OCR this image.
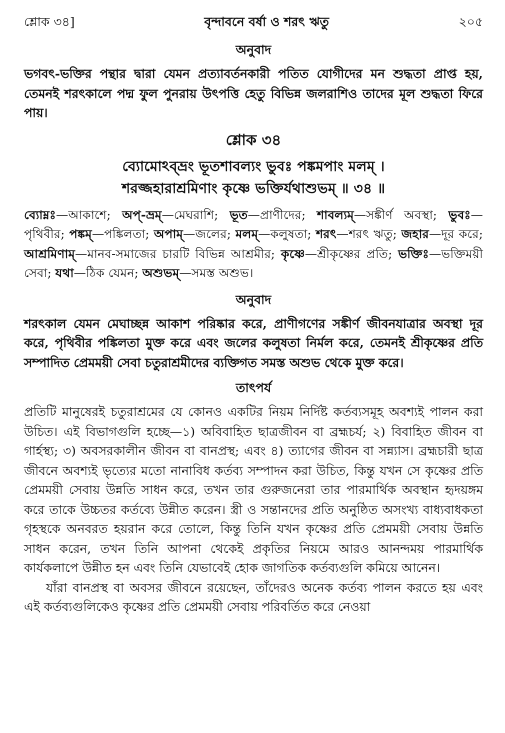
শ্লোক ৩৪]	বৃন্দাবনে বর্ষা ও শরৎ ঋতু	২০৫
অনুবাদ

ভগবৎ-ভক্তির পন্থার দ্বারা যেমন প্রত্যাবর্তনকারী পতিত যোগীদের মন শুদ্ধতা প্রাপ্ত হয়, তেমনই শরৎকালে পদ্ম ফুল পুনরায় উৎপত্তি হেতু বিভিন্ন জলরাশিও তাদের মূল শুদ্ধতা ফিরে পায়।

শ্লোক ৩৪

ব্যোমোঽব্ভ্রং ভূতশাবল্যং ভুবঃ পঙ্কমপাং মলম্ ।

শরজ্জহারাশ্রমিণাং কৃষ্ণে ভক্তির্যথাশুভম্ ॥ ৩৪ ॥

ব্যোম্নঃ—আকাশে; অপ্-ভ্রম্—মেঘরাশি; ভূত—প্রাণীদের; শাবল্যম্—সঙ্কীর্ণ অবস্থা; ভুবঃ—পৃথিবীর; পঙ্কম্—পঙ্কিলতা; অপাম্—জলের; মলম্—কলুষতা; শরৎ—শরৎ ঋতু; জহার—দূর করে; আশ্রমিণাম্—মানব-সমাজের চারটি বিভিন্ন আশ্রমীর; কৃষ্ণে—শ্রীকৃষ্ণের প্রতি; ভক্তিঃ—ভক্তিময়ী সেবা; যথা—ঠিক যেমন; অশুভম্—সমস্ত অশুভ।

অনুবাদ

শরৎকাল যেমন মেঘাচ্ছন্ন আকাশ পরিষ্কার করে, প্রাণীগণের সঙ্কীর্ণ জীবনযাত্রার অবস্থা দূর করে, পৃথিবীর পঙ্কিলতা মুক্ত করে এবং জলের কলুষতা নির্মল করে, তেমনই শ্রীকৃষ্ণের প্রতি সম্পাদিত প্রেমময়ী সেবা চতুরাশ্রমীদের ব্যক্তিগত সমস্ত অশুভ থেকে মুক্ত করে।

তাৎপর্য

প্রতিটি মানুষেরই চতুরাশ্রমের যে কোনও একটির নিয়ম নির্দিষ্ট কর্তব্যসমূহ অবশ্যই পালন করা উচিত। এই বিভাগগুলি হচ্ছে—১) অবিবাহিত ছাত্রজীবন বা ব্রহ্মচর্য; ২) বিবাহিত জীবন বা গার্হস্থ্য; ৩) অবসরকালীন জীবন বা বানপ্রস্থ; এবং ৪) ত্যাগের জীবন বা সন্ন্যাস। ব্রহ্মচারী ছাত্র জীবনে অবশ্যই ভৃত্যের মতো নানাবিধ কর্তব্য সম্পাদন করা উচিত, কিন্তু যখন সে কৃষ্ণের প্রতি প্রেমময়ী সেবায় উন্নতি সাধন করে, তখন তার গুরুজনেরা তার পারমার্থিক অবস্থান হৃদয়ঙ্গম করে তাকে উচ্চতর কর্তব্যে উন্নীত করেন। স্ত্রী ও সন্তানদের প্রতি অনুষ্ঠিত অসংখ্য বাধ্যবাধকতা গৃহস্থকে অনবরত হয়রান করে তোলে, কিন্তু তিনি যখন কৃষ্ণের প্রতি প্রেমময়ী সেবায় উন্নতি সাধন করেন, তখন তিনি আপনা থেকেই প্রকৃতির নিয়মে আরও আনন্দময় পারমার্থিক কার্যকলাপে উন্নীত হন এবং তিনি যেভাবেই হোক জাগতিক কর্তব্যগুলি কমিয়ে আনেন।

যাঁরা বানপ্রস্থ বা অবসর জীবনে রয়েছেন, তাঁদেরও অনেক কর্তব্য পালন করতে হয় এবং এই কর্তব্যগুলিকেও কৃষ্ণের প্রতি প্রেমময়ী সেবায় পরিবর্তিত করে নেওয়া
